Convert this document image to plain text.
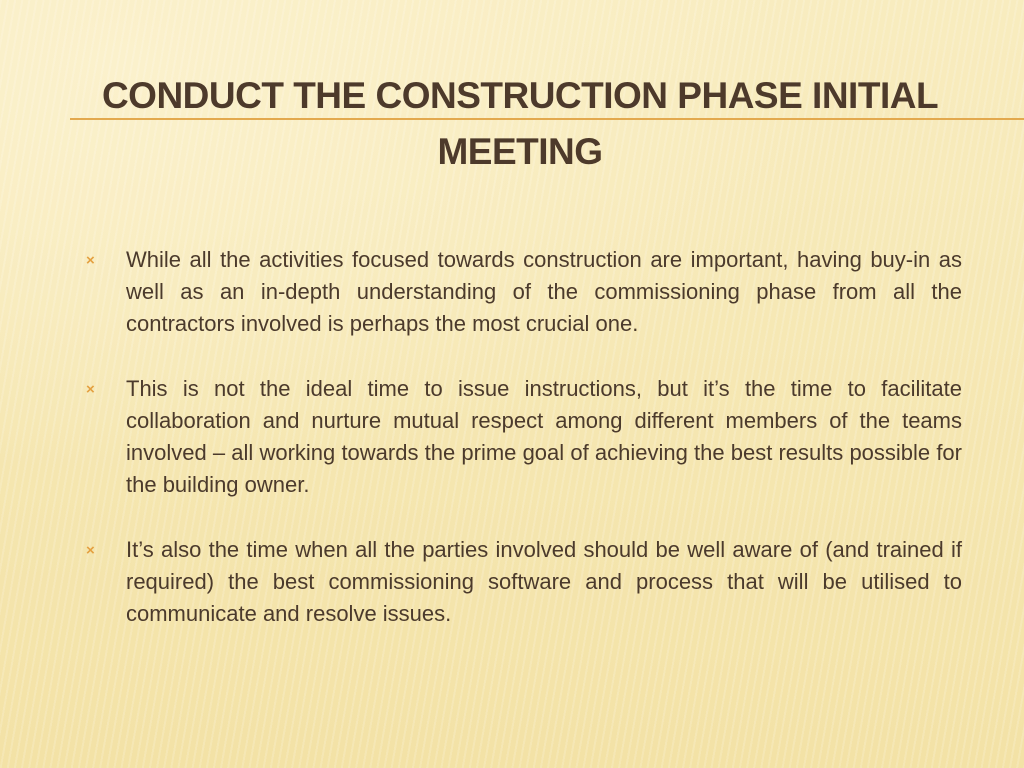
CONDUCT THE CONSTRUCTION PHASE INITIAL MEETING
× While all the activities focused towards construction are important, having buy-in as well as an in-depth understanding of the commissioning phase from all the contractors involved is perhaps the most crucial one.
× This is not the ideal time to issue instructions, but it’s the time to facilitate collaboration and nurture mutual respect among different members of the teams involved – all working towards the prime goal of achieving the best results possible for the building owner.
× It’s also the time when all the parties involved should be well aware of (and trained if required) the best commissioning software and process that will be utilised to communicate and resolve issues.
